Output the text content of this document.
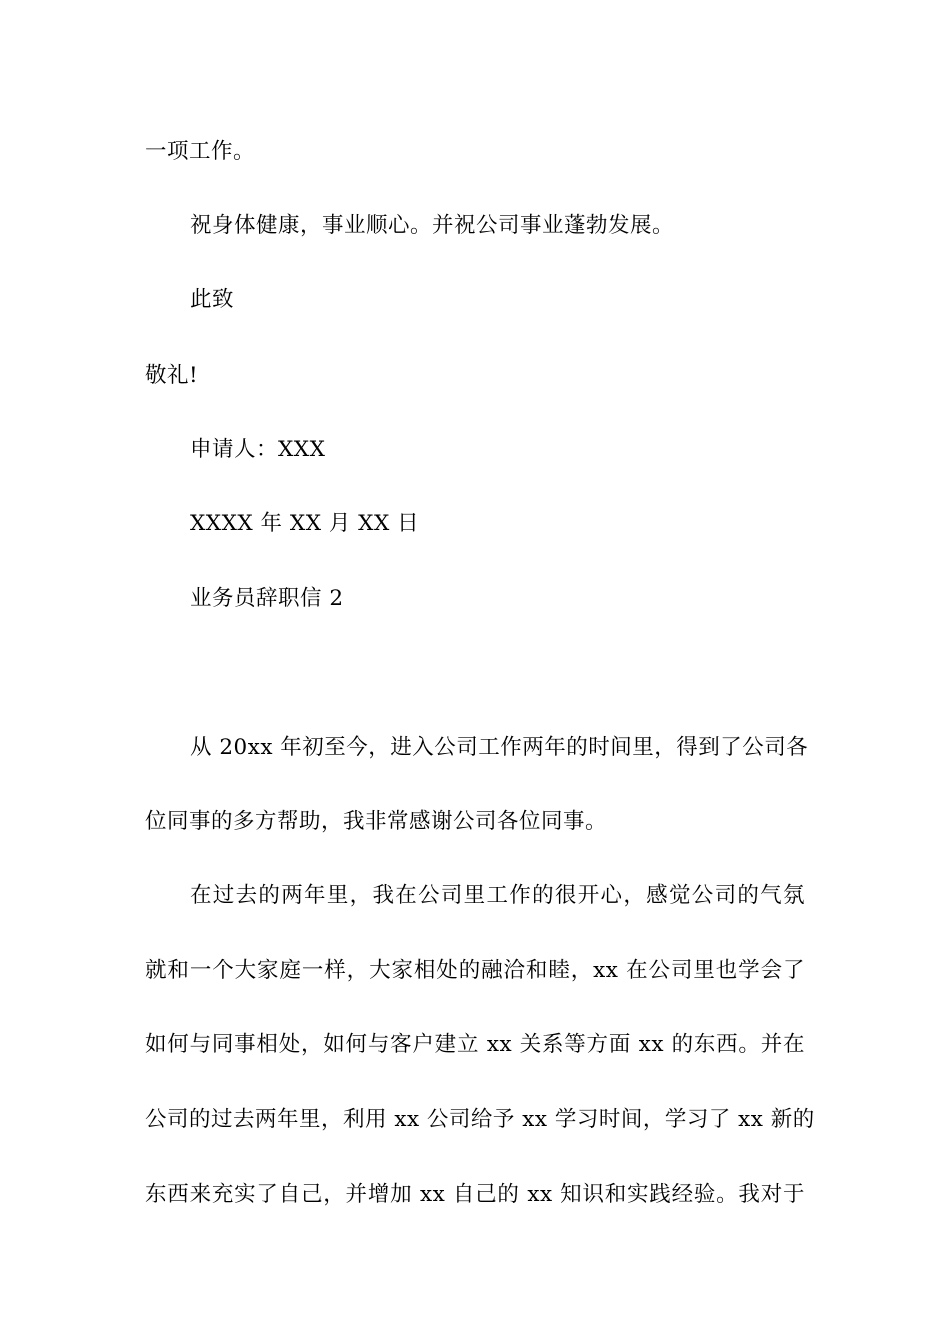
一项工作。
祝身体健康，事业顺心。并祝公司事业蓬勃发展。
此致
敬礼!
申请人：XXX
XXXX 年 XX 月 XX 日
业务员辞职信 2
从 20xx 年初至今，进入公司工作两年的时间里，得到了公司各
位同事的多方帮助，我非常感谢公司各位同事。
在过去的两年里，我在公司里工作的很开心，感觉公司的气氛
就和一个大家庭一样，大家相处的融洽和睦，xx 在公司里也学会了
如何与同事相处，如何与客户建立 xx 关系等方面 xx 的东西。并在
公司的过去两年里，利用 xx 公司给予 xx 学习时间，学习了 xx 新的
东西来充实了自己，并增加 xx 自己的 xx 知识和实践经验。我对于
